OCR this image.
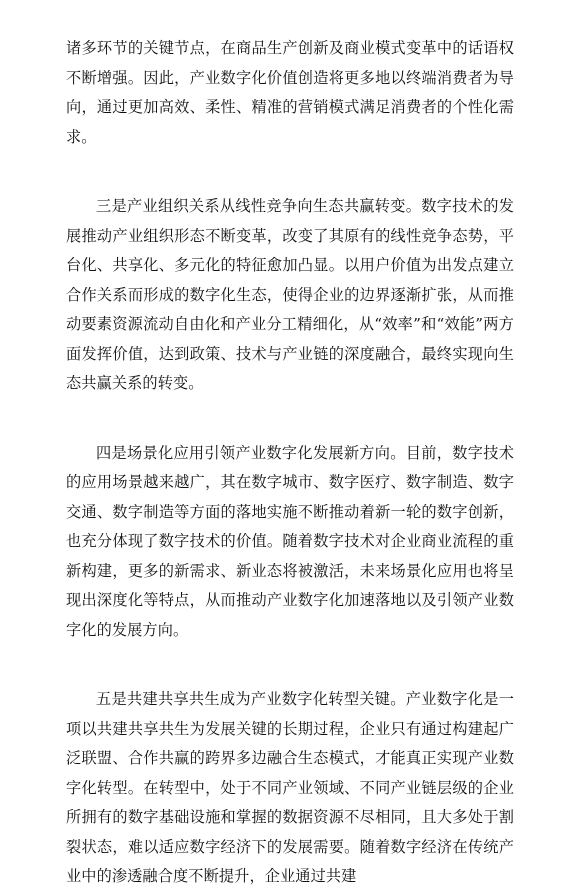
诸多环节的关键节点，在商品生产创新及商业模式变革中的话语权不断增强。因此，产业数字化价值创造将更多地以终端消费者为导向，通过更加高效、柔性、精准的营销模式满足消费者的个性化需求。

三是产业组织关系从线性竞争向生态共赢转变。数字技术的发展推动产业组织形态不断变革，改变了其原有的线性竞争态势，平台化、共享化、多元化的特征愈加凸显。以用户价值为出发点建立合作关系而形成的数字化生态，使得企业的边界逐渐扩张，从而推动要素资源流动自由化和产业分工精细化，从“效率”和“效能”两方面发挥价值，达到政策、技术与产业链的深度融合，最终实现向生态共赢关系的转变。

四是场景化应用引领产业数字化发展新方向。目前，数字技术的应用场景越来越广，其在数字城市、数字医疗、数字制造、数字交通、数字制造等方面的落地实施不断推动着新一轮的数字创新，也充分体现了数字技术的价值。随着数字技术对企业商业流程的重新构建，更多的新需求、新业态将被激活，未来场景化应用也将呈现出深度化等特点，从而推动产业数字化加速落地以及引领产业数字化的发展方向。

五是共建共享共生成为产业数字化转型关键。产业数字化是一项以共建共享共生为发展关键的长期过程，企业只有通过构建起广泛联盟、合作共赢的跨界多边融合生态模式，才能真正实现产业数字化转型。在转型中，处于不同产业领域、不同产业链层级的企业所拥有的数字基础设施和掌握的数据资源不尽相同，且大多处于割裂状态，难以适应数字经济下的发展需要。随着数字经济在传统产业中的渗透融合度不断提升，企业通过共建
